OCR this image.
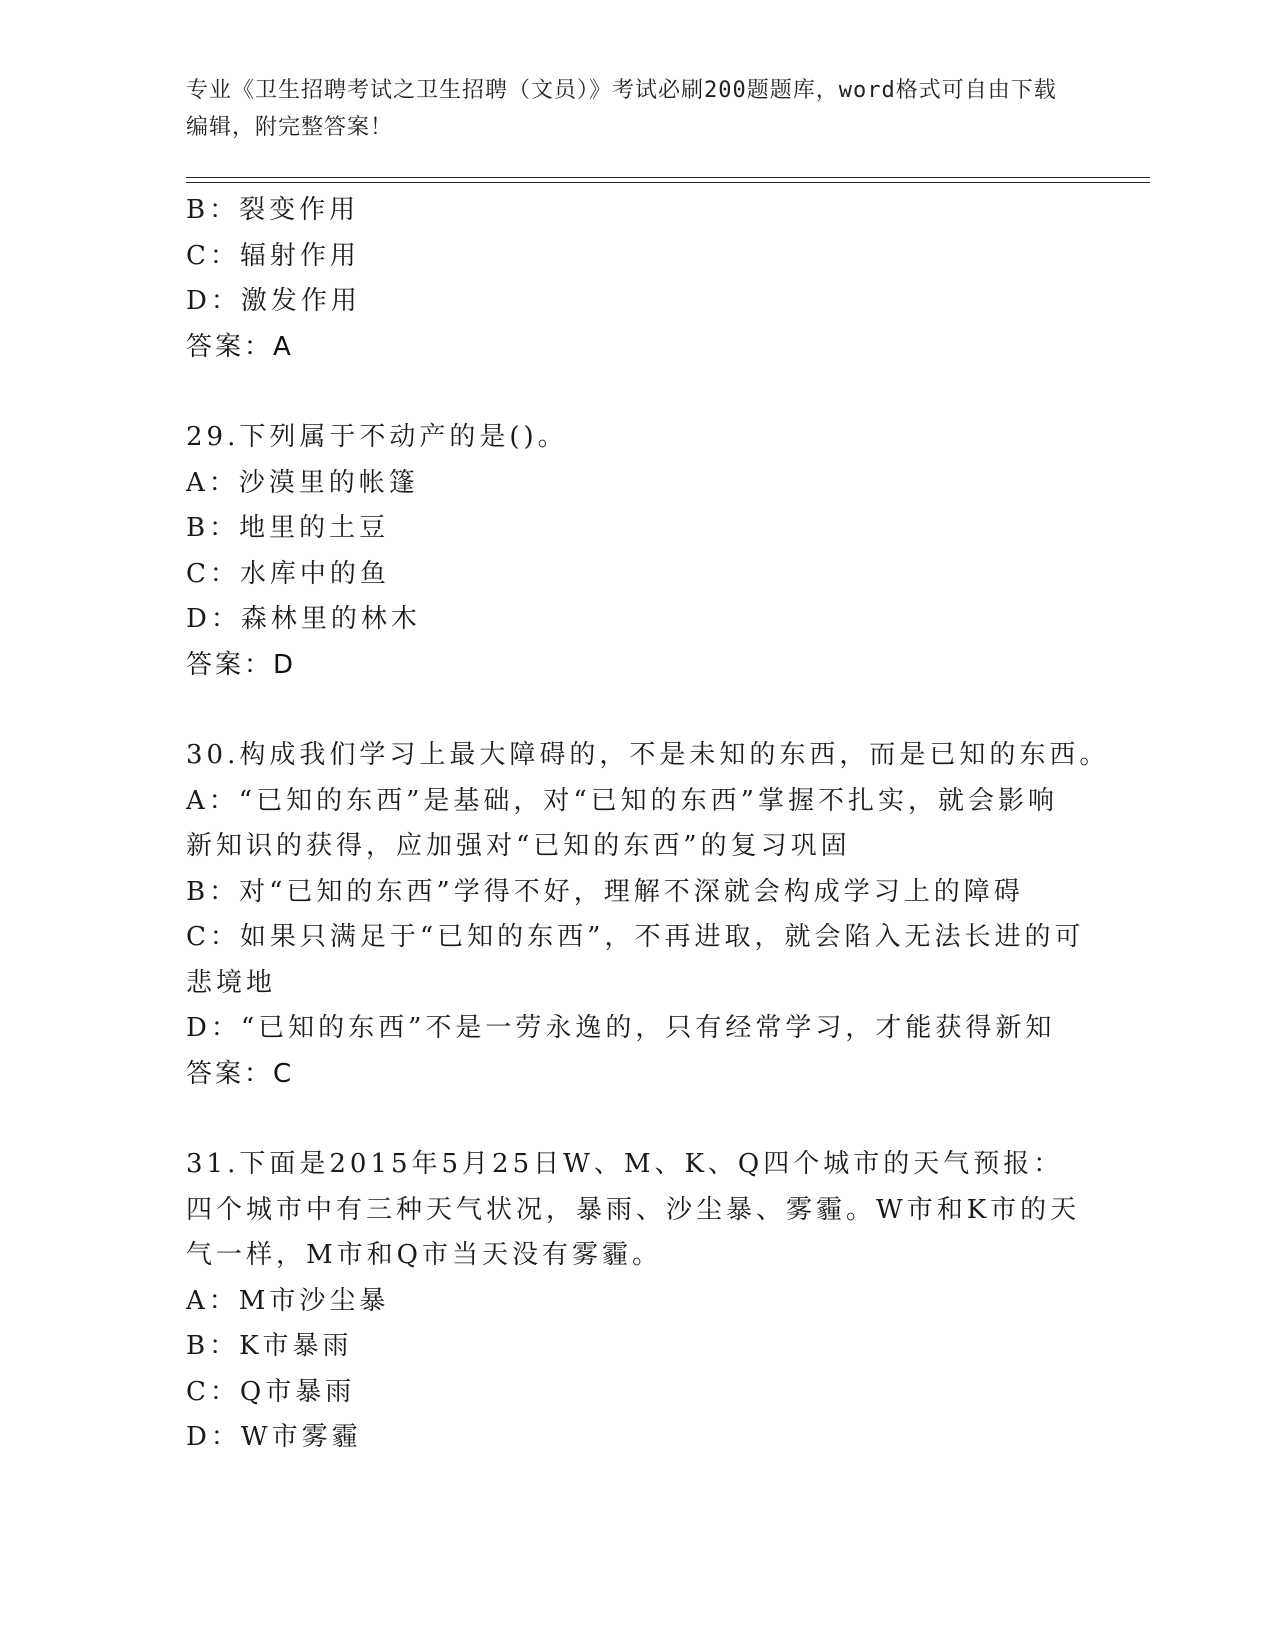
专业《卫生招聘考试之卫生招聘（文员）》考试必刷200题题库，word格式可自由下载编辑，附完整答案！
B：裂变作用
C：辐射作用
D：激发作用
答案：A
29.下列属于不动产的是()。
A：沙漠里的帐篷
B：地里的土豆
C：水库中的鱼
D：森林里的林木
答案：D
30.构成我们学习上最大障碍的，不是未知的东西，而是已知的东西。
A：“已知的东西”是基础，对“已知的东西”掌握不扎实，就会影响新知识的获得，应加强对“已知的东西”的复习巩固
B：对“已知的东西”学得不好，理解不深就会构成学习上的障碍
C：如果只满足于“已知的东西”，不再进取，就会陷入无法长进的可悲境地
D：“已知的东西”不是一劳永逸的，只有经常学习，才能获得新知
答案：C
31.下面是2015年5月25日W、M、K、Q四个城市的天气预报：四个城市中有三种天气状况，暴雨、沙尘暴、雾霾。W市和K市的天气一样，M市和Q市当天没有雾霾。
A：M市沙尘暴
B：K市暴雨
C：Q市暴雨
D：W市雾霾
